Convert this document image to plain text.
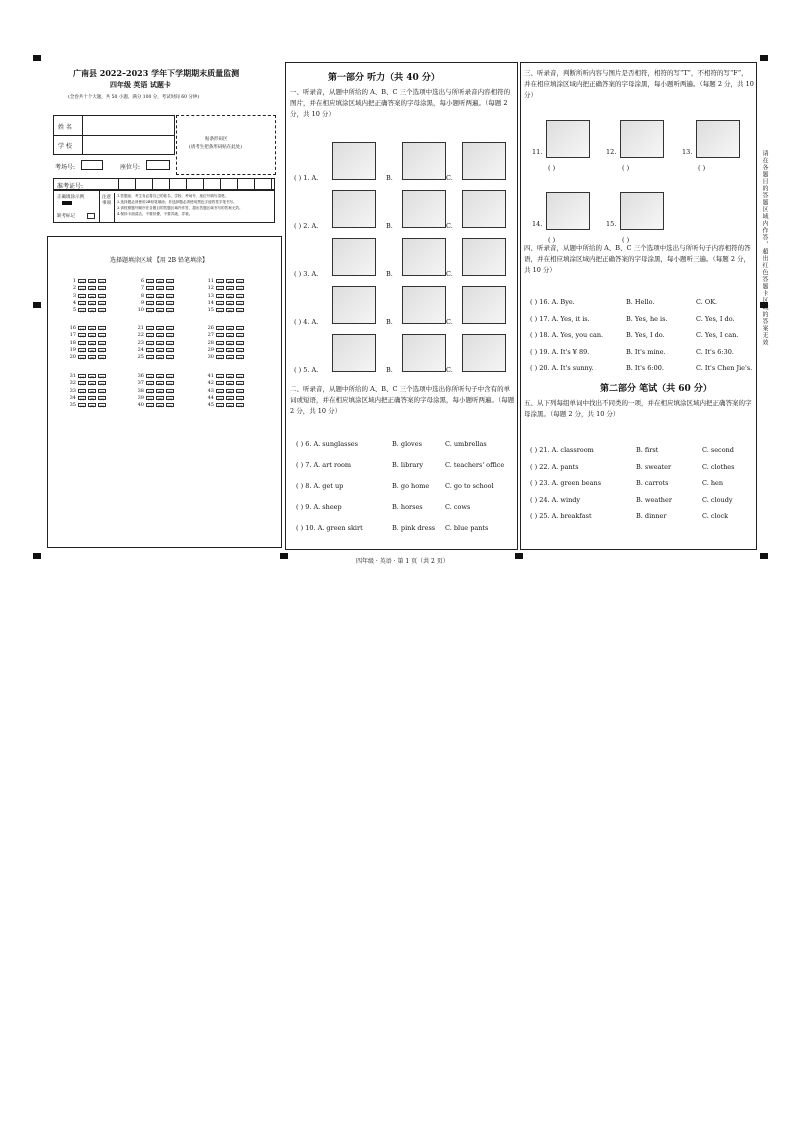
广南县 2022–2023 学年下学期期末质量监测
四年级 英语 试题卡
(全卷共十个大题，共 50 小题，满分 100 分，考试时间 60 分钟)
姓 名
学 校
考场号:	座位号:
贴条形码区
(请考生把条形码贴在此处)
准考证号:
正确填涂示例
缺考标记
注意事项
1.答题前，考生务必将自己的姓名、学校、考场号、座位号填写清楚。
2.选择题必须使用2B铅笔填涂；非选择题必须使用黑色字迹的签字笔书写。
3.请按照题号顺序在各题目的答题区域内作答，超出答题区域书写的答案无效。
4.保持卡面清洁，不要折叠，不要弄破、弄皱。
选择题填涂区域 【用 2B 铅笔填涂】
1	[A]	[B]	[C]
2	[A]	[B]	[C]
3	[A]	[B]	[C]
4	[A]	[B]	[C]
5	[A]	[B]	[C]
6	[A]	[B]	[C]
7	[A]	[B]	[C]
8	[A]	[B]	[C]
9	[A]	[B]	[C]
10	[A]	[B]	[C]
11	[A]	[B]	[C]
12	[A]	[B]	[C]
13	[A]	[B]	[C]
14	[A]	[B]	[C]
15	[A]	[B]	[C]
16	[A]	[B]	[C]
17	[A]	[B]	[C]
18	[A]	[B]	[C]
19	[A]	[B]	[C]
20	[A]	[B]	[C]
21	[A]	[B]	[C]
22	[A]	[B]	[C]
23	[A]	[B]	[C]
24	[A]	[B]	[C]
25	[A]	[B]	[C]
26	[A]	[B]	[C]
27	[A]	[B]	[C]
28	[A]	[B]	[C]
29	[A]	[B]	[C]
30	[A]	[B]	[C]
31	[A]	[B]	[C]
32	[A]	[B]	[C]
33	[A]	[B]	[C]
34	[A]	[B]	[C]
35	[A]	[B]	[C]
36	[A]	[B]	[C]
37	[A]	[B]	[C]
38	[A]	[B]	[C]
39	[A]	[B]	[C]
40	[A]	[B]	[C]
41	[A]	[B]	[C]
42	[A]	[B]	[C]
43	[A]	[B]	[C]
44	[A]	[B]	[C]
45	[A]	[B]	[C]
第一部分 听力（共 40 分）
一、听录音，从题中所给的 A、B、C 三个选项中选出与所听录音内容相符的图片，并在相应填涂区域内把正确答案的字母涂黑，每小题听两遍。（每题 2 分，共 10 分）
( ) 1. A.
( ) 2. A.
( ) 3. A.
( ) 4. A.
( ) 5. A.
B.	C.
B.	C.
B.	C.
B.	C.
B.	C.
二、听录音，从题中所给的 A、B、C 三个选项中选出你所听句子中含有的单词或短语，并在相应填涂区域内把正确答案的字母涂黑，每小题听两遍。（每题 2 分，共 10 分）
( ) 6. A. sunglasses	B. gloves	C. umbrellas
( ) 7. A. art room	B. library	C. teachers' office
( ) 8. A. get up	B. go home C. go to school
( ) 9. A. sheep	B. horses	C. cows
( ) 10. A. green skirt	B. pink dress C. blue pants
三、听录音，判断所听内容与图片是否相符，相符的写“T”，不相符的写“F”，并在相应填涂区域内把正确答案的字母涂黑，每小题听两遍。（每题 2 分，共 10 分）
11.
( )
12.
( )
13.
( )
14.
( )
15.
( )
四、听录音，从题中所给的 A、B、C 三个选项中选出与所听句子内容相符的答语，并在相应填涂区域内把正确答案的字母涂黑，每小题听三遍。（每题 2 分，共 10 分）
( ) 16. A. Bye.	B. Hello.	C. OK.
( ) 17. A. Yes, it is.	B. Yes, he is.	C. Yes, I do.
( ) 18. A. Yes, you can.	B. Yes, I do.	C. Yes, I can.
( ) 19. A. It's ¥ 89.	B. It's mine.	C. It's 6:30.
( ) 20. A. It's sunny.	B. It's 6:00.	C. It's Chen Jie's.
第二部分 笔试（共 60 分）
五、从下列每组单词中找出不同类的一项，并在相应填涂区域内把正确答案的字母涂黑。（每题 2 分，共 10 分）
( ) 21. A. classroom	B. first	C. second
( ) 22. A. pants	B. sweater	C. clothes
( ) 23. A. green beans	B. carrots	C. hen
( ) 24. A. windy	B. weather	C. cloudy
( ) 25. A. breakfast	B. dinner	C. clock
请在各题目的答题区域内作答，超出红色答题卡区域的答案无效
四年级 · 英语 · 第 1 页（共 2 页）
